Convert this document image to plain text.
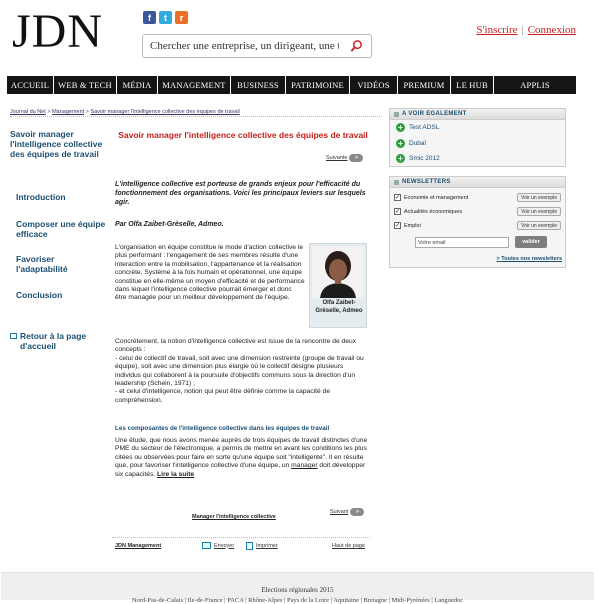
JDN	f	t	r
Chercher une entreprise, un dirigeant, une tendance
S'inscrire | Connexion
ACCUEIL	WEB & TECH	MÉDIA	MANAGEMENT	BUSINESS	PATRIMOINE	VIDÉOS	PREMIUM	LE HUB	APPLIS
Journal du Net > Management > Savoir manager l'intelligence collective des équipes de travail
Savoir manager l'intelligence collective des équipes de travail
Introduction
Composer une équipe efficace
Favoriser l'adaptabilité
Conclusion
Retour à la page d'accueil
Savoir manager l'intelligence collective des équipes de travail
Suivante	»
L'intelligence collective est porteuse de grands enjeux pour l'efficacité du fonctionnement des organisations. Voici les principaux leviers sur lesquels agir.
Par Olfa Zaibet-Grèselle, Admeo.
L'organisation en équipe constitue le mode d'action collective le plus performant : l'engagement de ses membres résulte d'une interaction entre la mobilisation, l'appartenance et la réalisation concrète. Système à la fois humain et opérationnel, une équipe constitue en elle-même un moyen d'efficacité et de performance dans lequel l'intelligence collective pourrait émerger et donc être managée pour un meilleur développement de l'équipe.
Olfa Zaibet-Grèselle, Admeo
Concrètement, la notion d'intelligence collective est issue de la rencontre de deux concepts :
- celui de collectif de travail, soit avec une dimension restreinte (groupe de travail ou équipe), soit avec une dimension plus élargie où le collectif désigne plusieurs individus qui collaborent à la poursuite d'objectifs communs sous la direction d'un leadership (Schein, 1971) ;
- et celui d'intelligence, notion qui peut être définie comme la capacité de compréhension.
Les composantes de l'intelligence collective dans les équipes de travail
Une étude, que nous avons menée auprès de trois équipes de travail distinctes d'une PME du secteur de l'électronique, a permis de mettre en avant les conditions les plus citées ou observées pour faire en sorte qu'une équipe soit "intelligente". Il en résulte que, pour favoriser l'intelligence collective d'une équipe, un manager doit développer six capacités. Lire la suite
Manager l'intelligence collective
Suivant	»
JDN Management	Envoyer	Imprimer	Haut de page
A VOIR EGALEMENT
+ Test ADSL
+ Dubaï
+ Smic 2012
NEWSLETTERS
✓ Economie et management	Voir un exemple
✓ Actualités économiques	Voir un exemple
✓ Emploi	Voir un exemple
Votre email
valider
> Toutes nos newsletters
Elections régionales 2015
Nord-Pas-de-Calais | Ile-de-France | PACA | Rhône-Alpes | Pays de la Loire | Aquitaine | Bretagne | Midi-Pyrénées | Languedoc
